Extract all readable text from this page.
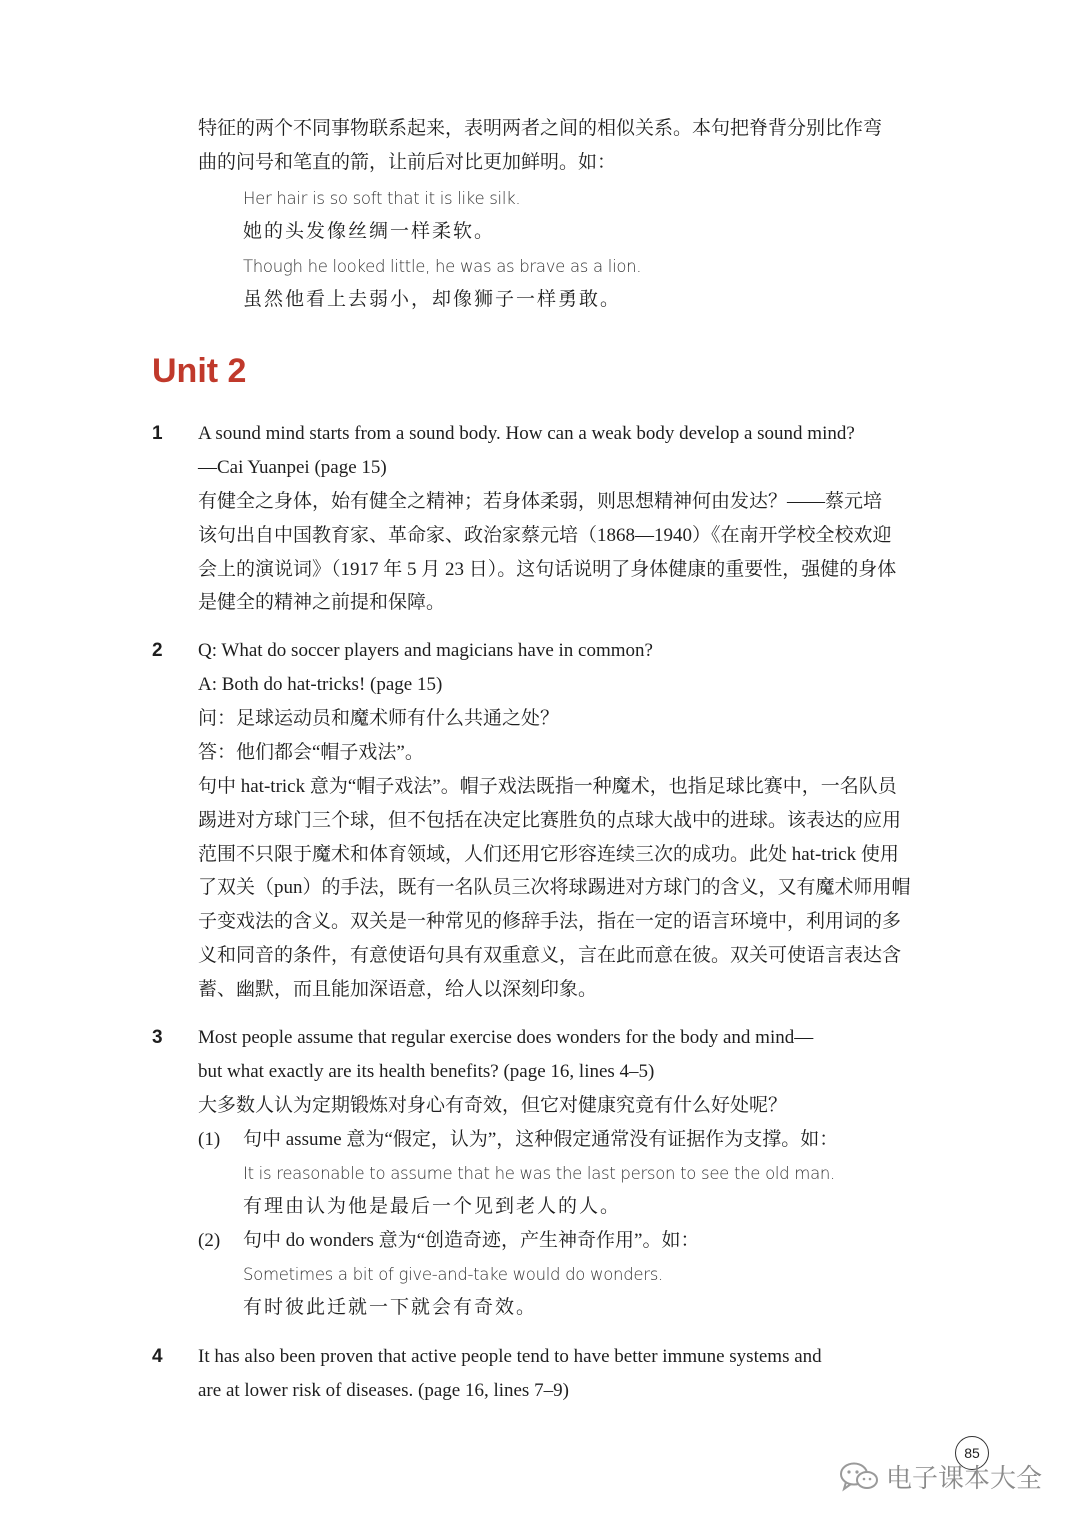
特征的两个不同事物联系起来，表明两者之间的相似关系。本句把脊背分别比作弯
曲的问号和笔直的箭，让前后对比更加鲜明。如：
Her hair is so soft that it is like silk.
她的头发像丝绸一样柔软。
Though he looked little, he was as brave as a lion.
虽然他看上去弱小，却像狮子一样勇敢。
Unit 2
1 A sound mind starts from a sound body. How can a weak body develop a sound mind?
—Cai Yuanpei (page 15)
有健全之身体，始有健全之精神；若身体柔弱，则思想精神何由发达？——蔡元培
该句出自中国教育家、革命家、政治家蔡元培（1868—1940）《在南开学校全校欢迎
会上的演说词》（1917 年 5 月 23 日）。这句话说明了身体健康的重要性，强健的身体
是健全的精神之前提和保障。
2 Q: What do soccer players and magicians have in common?
A: Both do hat-tricks! (page 15)
问：足球运动员和魔术师有什么共通之处？
答：他们都会“帽子戏法”。
句中 hat-trick 意为“帽子戏法”。帽子戏法既指一种魔术，也指足球比赛中，一名队员
踢进对方球门三个球，但不包括在决定比赛胜负的点球大战中的进球。该表达的应用
范围不只限于魔术和体育领域，人们还用它形容连续三次的成功。此处 hat-trick 使用
了双关（pun）的手法，既有一名队员三次将球踢进对方球门的含义，又有魔术师用帽
子变戏法的含义。双关是一种常见的修辞手法，指在一定的语言环境中，利用词的多
义和同音的条件，有意使语句具有双重意义，言在此而意在彼。双关可使语言表达含
蓄、幽默，而且能加深语意，给人以深刻印象。
3 Most people assume that regular exercise does wonders for the body and mind—
but what exactly are its health benefits? (page 16, lines 4–5)
大多数人认为定期锻炼对身心有奇效，但它对健康究竟有什么好处呢？
(1) 句中 assume 意为“假定，认为”，这种假定通常没有证据作为支撑。如：
It is reasonable to assume that he was the last person to see the old man.
有理由认为他是最后一个见到老人的人。
(2) 句中 do wonders 意为“创造奇迹，产生神奇作用”。如：
Sometimes a bit of give-and-take would do wonders.
有时彼此迁就一下就会有奇效。
4 It has also been proven that active people tend to have better immune systems and
are at lower risk of diseases. (page 16, lines 7–9)
85
电子课本大全
